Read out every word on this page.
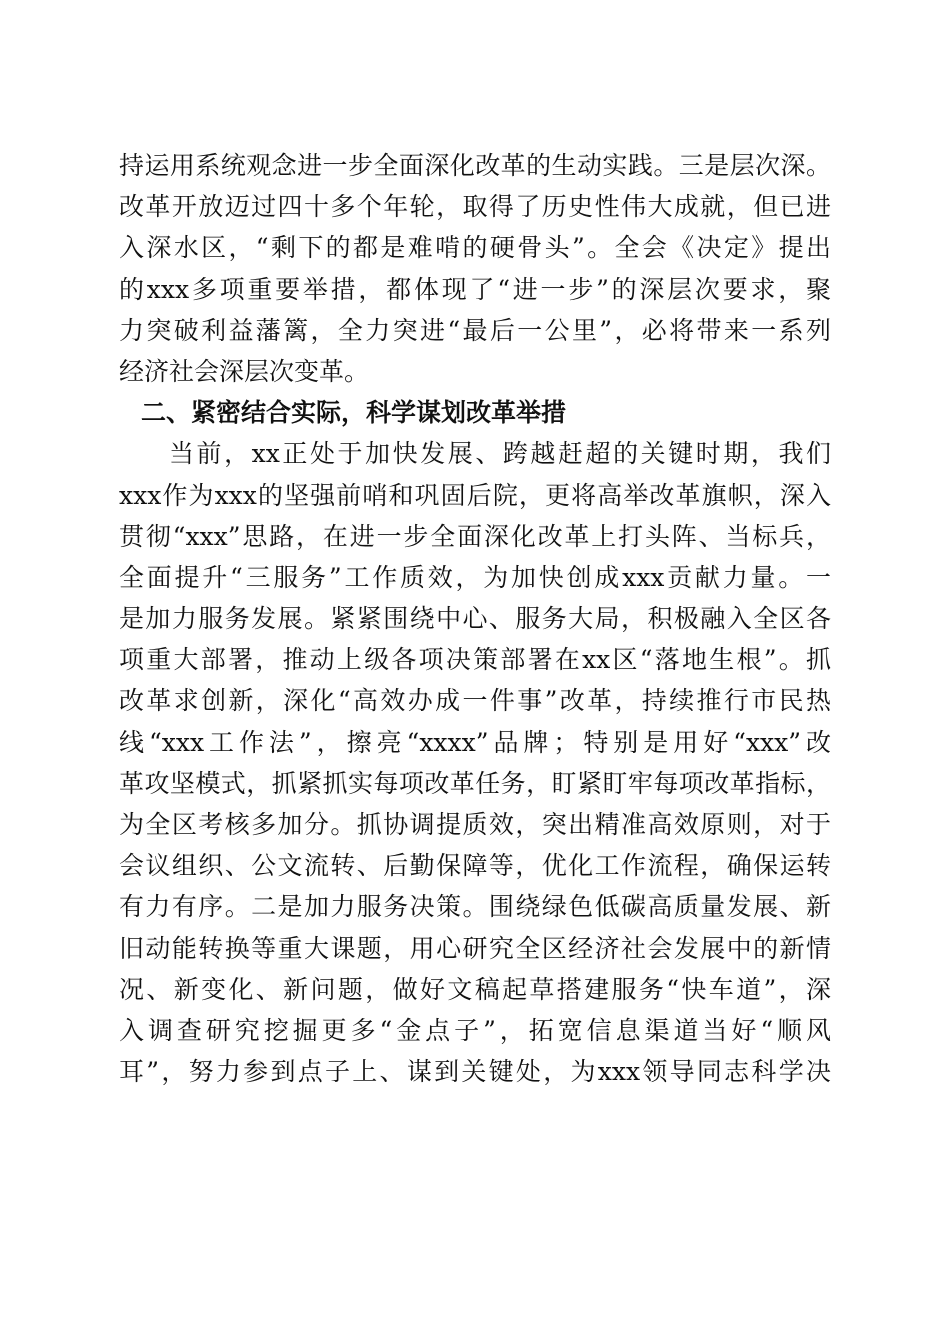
持运用系统观念进一步全面深化改革的生动实践。三是层次深。
改革开放迈过四十多个年轮，取得了历史性伟大成就，但已进
入深水区，“剩下的都是难啃的硬骨头”。全会《决定》提出
的xxx多项重要举措，都体现了“进一步”的深层次要求，聚
力突破利益藩篱，全力突进“最后一公里”，必将带来一系列
经济社会深层次变革。
二、紧密结合实际，科学谋划改革举措
当前，xx正处于加快发展、跨越赶超的关键时期，我们
xxx作为xxx的坚强前哨和巩固后院，更将高举改革旗帜，深入
贯彻“xxx”思路，在进一步全面深化改革上打头阵、当标兵，
全面提升“三服务”工作质效，为加快创成xxx贡献力量。一
是加力服务发展。紧紧围绕中心、服务大局，积极融入全区各
项重大部署，推动上级各项决策部署在xx区“落地生根”。抓
改革求创新，深化“高效办成一件事”改革，持续推行市民热
线“xxx工作法”，擦亮“xxxx”品牌；特别是用好“xxx”改
革攻坚模式，抓紧抓实每项改革任务，盯紧盯牢每项改革指标，
为全区考核多加分。抓协调提质效，突出精准高效原则，对于
会议组织、公文流转、后勤保障等，优化工作流程，确保运转
有力有序。二是加力服务决策。围绕绿色低碳高质量发展、新
旧动能转换等重大课题，用心研究全区经济社会发展中的新情
况、新变化、新问题，做好文稿起草搭建服务“快车道”，深
入调查研究挖掘更多“金点子”，拓宽信息渠道当好“顺风
耳”，努力参到点子上、谋到关键处，为xxx领导同志科学决
